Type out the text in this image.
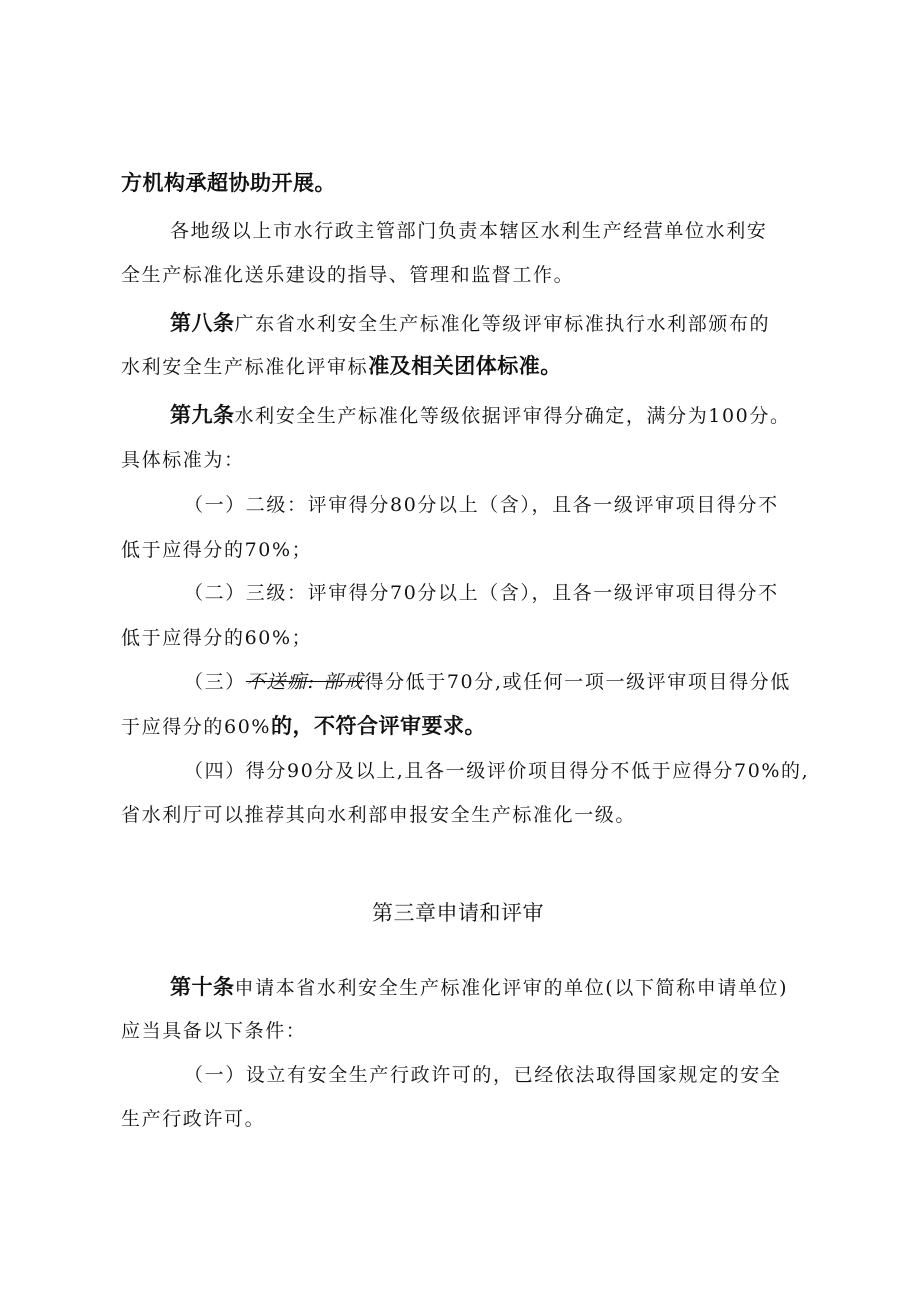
方机构承超协助开展。
各地级以上市水行政主管部门负责本辖区水利生产经营单位水利安
全生产标准化送乐建设的指导、管理和监督工作。
第八条广东省水利安全生产标准化等级评审标准执行水利部颁布的
水利安全生产标准化评审标准及相关团体标准。
第九条水利安全生产标准化等级依据评审得分确定，满分为100分。
具体标准为：
（一）二级：评审得分80分以上（含），且各一级评审项目得分不
低于应得分的70%；
（二）三级：评审得分70分以上（含），且各一级评审项目得分不
低于应得分的60%；
（三）不送痂: 部戒得分低于70分,或任何一项一级评审项目得分低
于应得分的60%的，不符合评审要求。
（四）得分90分及以上,且各一级评价项目得分不低于应得分70%的,
省水利厅可以推荐其向水利部申报安全生产标准化一级。
第三章申请和评审
第十条申请本省水利安全生产标准化评审的单位(以下简称申请单位)
应当具备以下条件：
（一）设立有安全生产行政许可的，已经依法取得国家规定的安全
生产行政许可。
